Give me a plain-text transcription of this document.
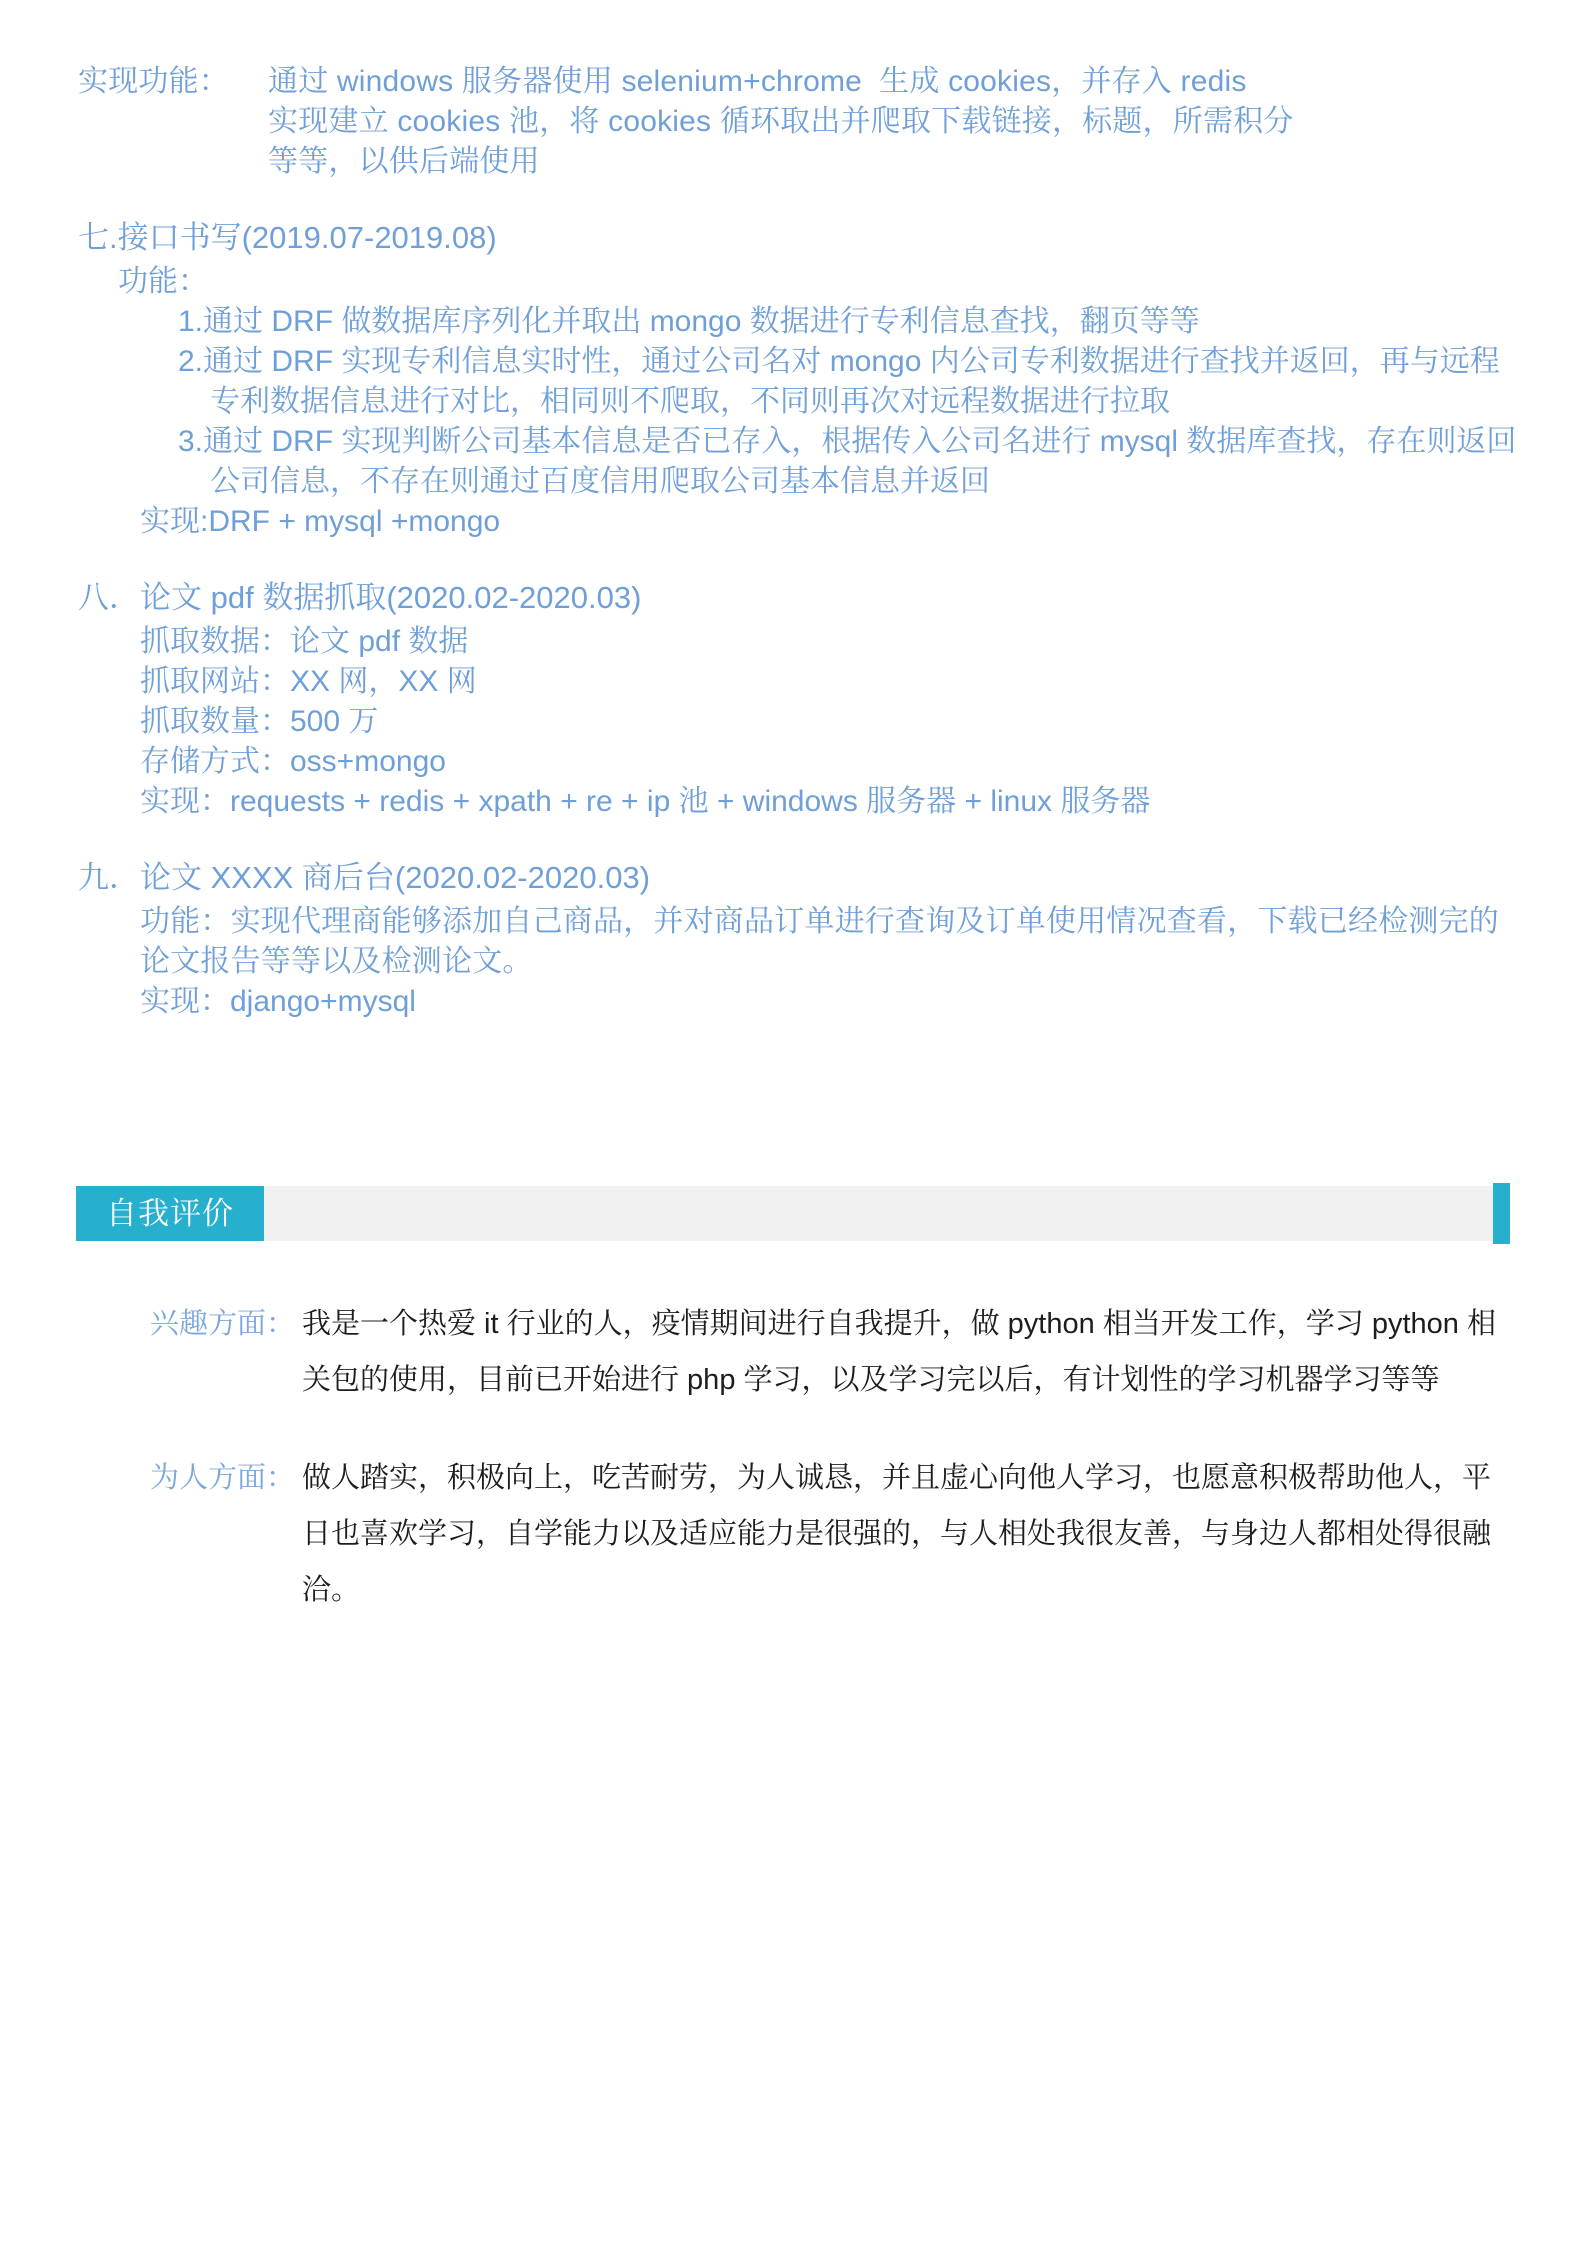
实现功能： 通过 windows 服务器使用 selenium+chrome  生成 cookies，并存入 redis
实现建立 cookies 池，将 cookies 循环取出并爬取下载链接，标题，所需积分
等等，以供后端使用
七.接口书写(2019.07-2019.08)
功能：
1.通过 DRF 做数据库序列化并取出 mongo 数据进行专利信息查找，翻页等等
2.通过 DRF 实现专利信息实时性，通过公司名对 mongo 内公司专利数据进行查找并返回，再与远程专利数据信息进行对比，相同则不爬取，不同则再次对远程数据进行拉取
3.通过 DRF 实现判断公司基本信息是否已存入，根据传入公司名进行 mysql 数据库查找，存在则返回公司信息，不存在则通过百度信用爬取公司基本信息并返回
实现:DRF + mysql +mongo
八．论文 pdf 数据抓取(2020.02-2020.03)
抓取数据：论文 pdf 数据
抓取网站：XX 网，XX 网
抓取数量：500 万
存储方式：oss+mongo
实现：requests + redis + xpath + re + ip 池 + windows 服务器 + linux 服务器
九．论文 XXXX 商后台(2020.02-2020.03)
功能：实现代理商能够添加自己商品，并对商品订单进行查询及订单使用情况查看，下载已经检测完的论文报告等等以及检测论文。
实现：django+mysql
自我评价
兴趣方面： 我是一个热爱 it 行业的人，疫情期间进行自我提升，做 python 相当开发工作，学习 python 相关包的使用，目前已开始进行 php 学习，以及学习完以后，有计划性的学习机器学习等等
为人方面： 做人踏实，积极向上，吃苦耐劳，为人诚恳，并且虚心向他人学习，也愿意积极帮助他人，平日也喜欢学习，自学能力以及适应能力是很强的，与人相处我很友善，与身边人都相处得很融洽。
